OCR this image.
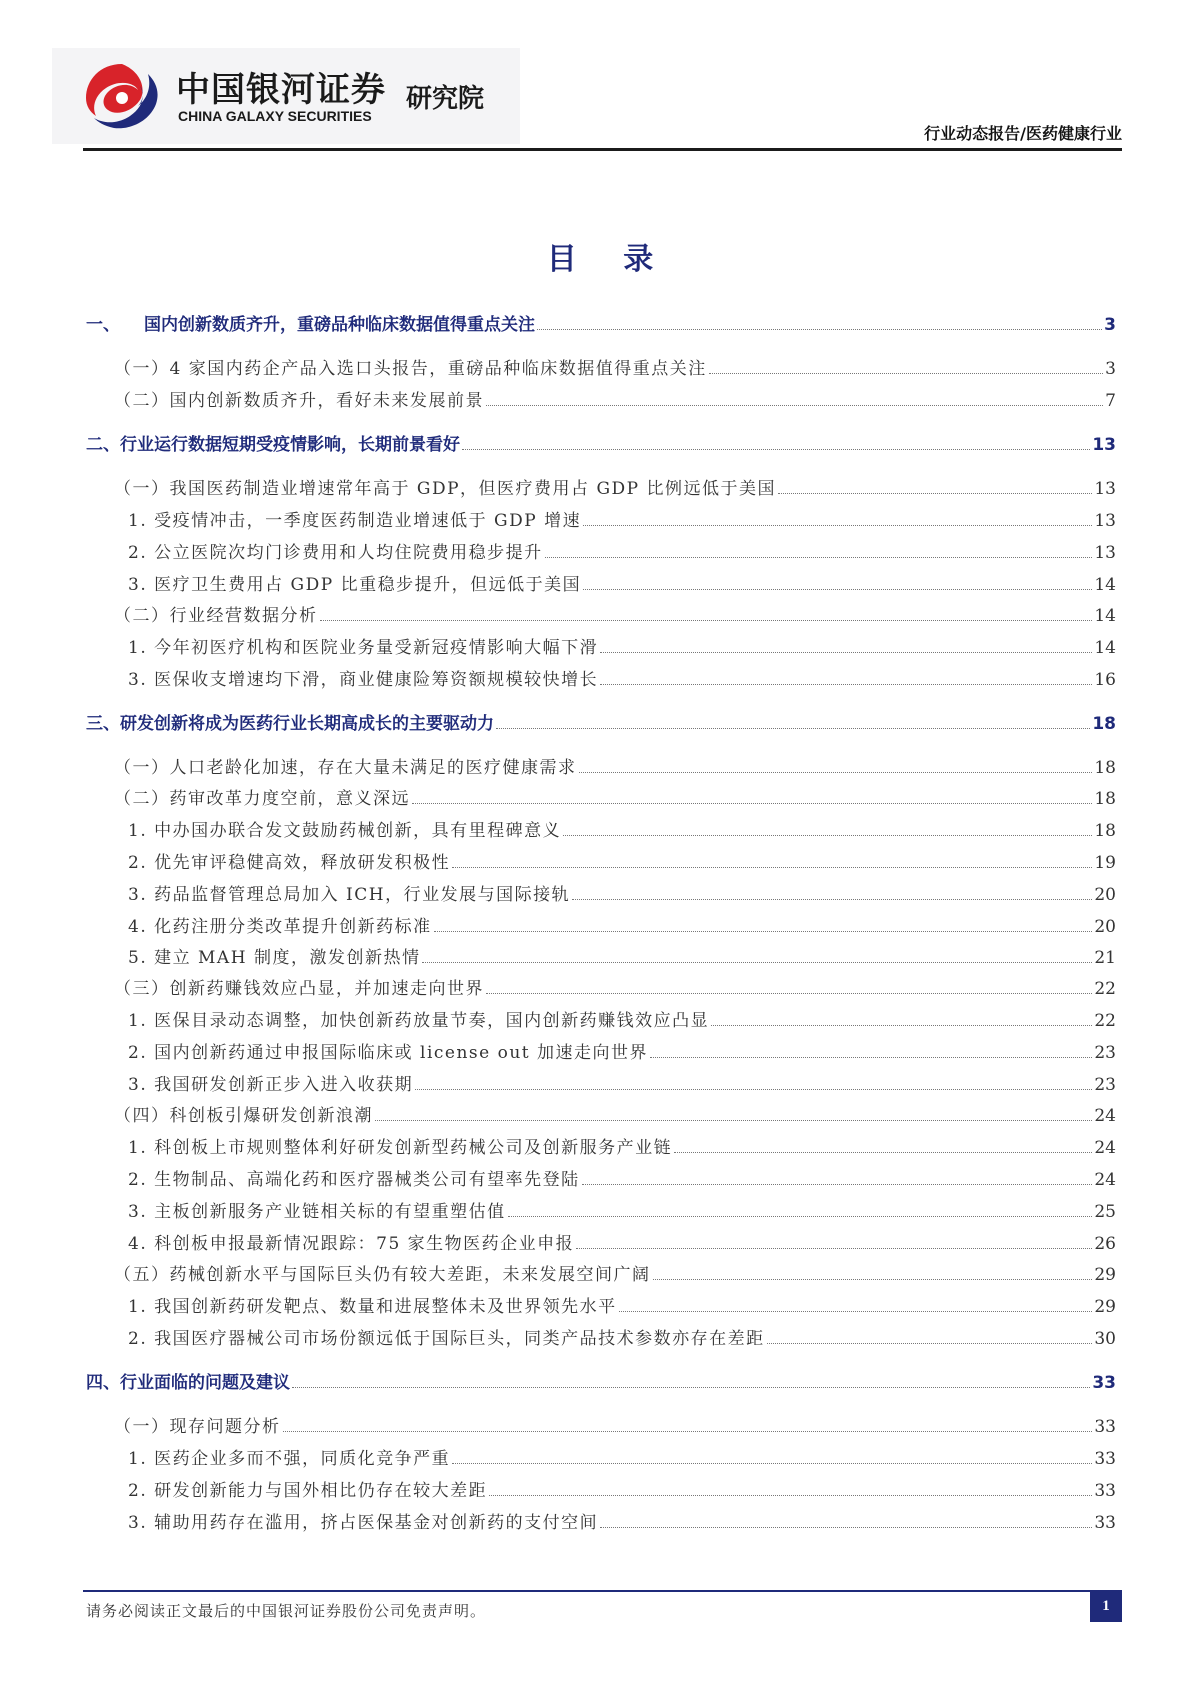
中国银河证券
CHINA GALAXY SECURITIES
研究院
行业动态报告/医药健康行业
目 录
一、 国内创新数质齐升，重磅品种临床数据值得重点关注	3
（一）4 家国内药企产品入选口头报告，重磅品种临床数据值得重点关注	3
（二）国内创新数质齐升，看好未来发展前景	7
二、行业运行数据短期受疫情影响，长期前景看好	13
（一）我国医药制造业增速常年高于 GDP，但医疗费用占 GDP 比例远低于美国	13
1. 受疫情冲击，一季度医药制造业增速低于 GDP 增速	13
2. 公立医院次均门诊费用和人均住院费用稳步提升	13
3. 医疗卫生费用占 GDP 比重稳步提升，但远低于美国	14
（二）行业经营数据分析	14
1. 今年初医疗机构和医院业务量受新冠疫情影响大幅下滑	14
3. 医保收支增速均下滑，商业健康险筹资额规模较快增长	16
三、研发创新将成为医药行业长期高成长的主要驱动力	18
（一）人口老龄化加速，存在大量未满足的医疗健康需求	18
（二）药审改革力度空前，意义深远	18
1. 中办国办联合发文鼓励药械创新，具有里程碑意义	18
2. 优先审评稳健高效，释放研发积极性	19
3. 药品监督管理总局加入 ICH，行业发展与国际接轨	20
4. 化药注册分类改革提升创新药标准	20
5. 建立 MAH 制度，激发创新热情	21
（三）创新药赚钱效应凸显，并加速走向世界	22
1. 医保目录动态调整，加快创新药放量节奏，国内创新药赚钱效应凸显	22
2. 国内创新药通过申报国际临床或 license out 加速走向世界	23
3. 我国研发创新正步入进入收获期	23
（四）科创板引爆研发创新浪潮	24
1. 科创板上市规则整体利好研发创新型药械公司及创新服务产业链	24
2. 生物制品、高端化药和医疗器械类公司有望率先登陆	24
3. 主板创新服务产业链相关标的有望重塑估值	25
4. 科创板申报最新情况跟踪：75 家生物医药企业申报	26
（五）药械创新水平与国际巨头仍有较大差距，未来发展空间广阔	29
1. 我国创新药研发靶点、数量和进展整体未及世界领先水平	29
2. 我国医疗器械公司市场份额远低于国际巨头，同类产品技术参数亦存在差距	30
四、行业面临的问题及建议	33
（一）现存问题分析	33
1. 医药企业多而不强，同质化竞争严重	33
2. 研发创新能力与国外相比仍存在较大差距	33
3. 辅助用药存在滥用，挤占医保基金对创新药的支付空间	33
请务必阅读正文最后的中国银河证券股份公司免责声明。	1
